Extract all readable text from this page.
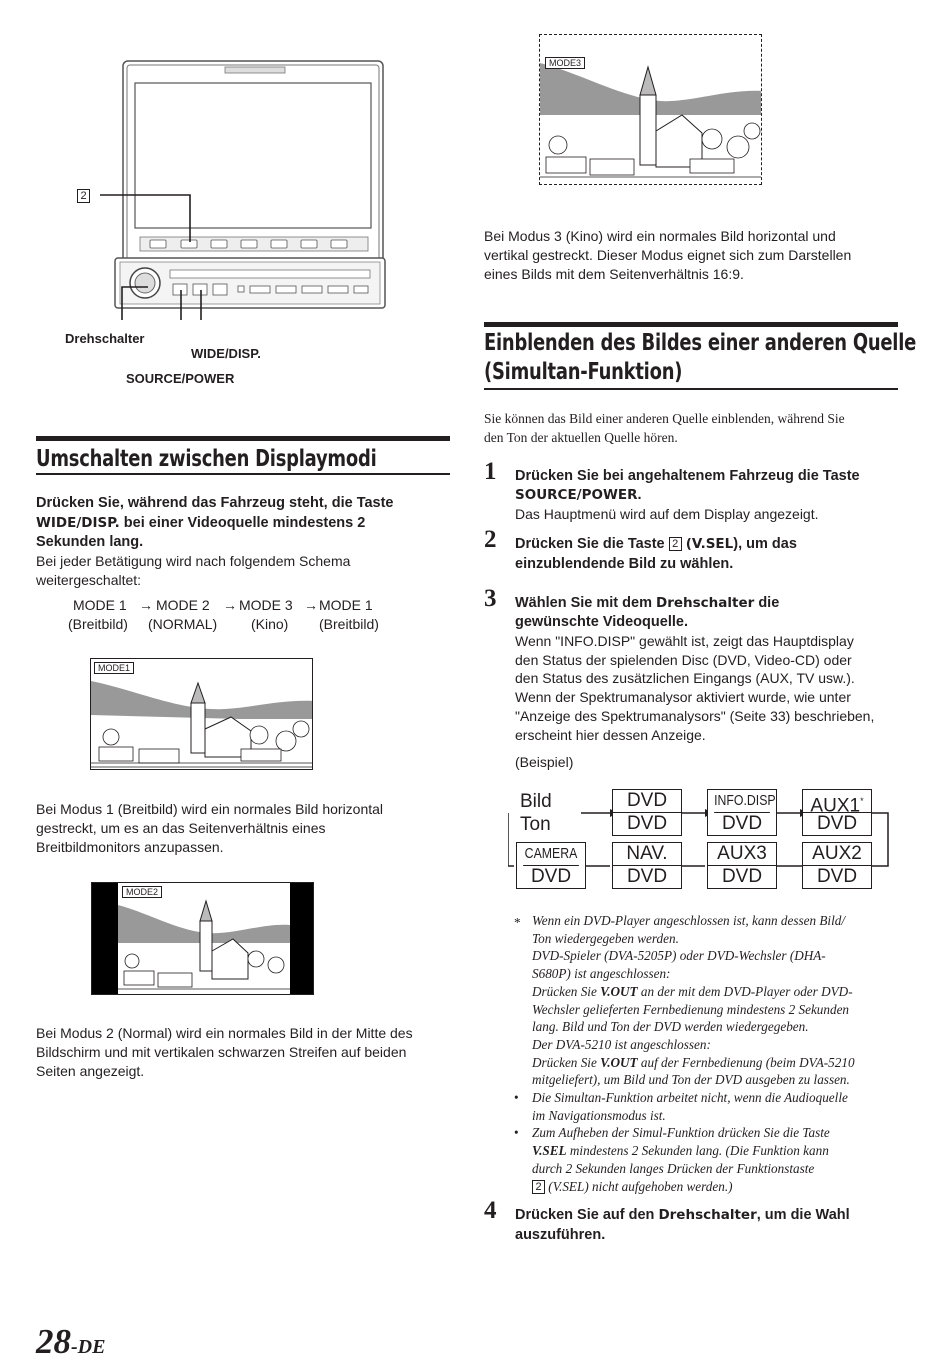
2
Drehschalter
WIDE/DISP.
SOURCE/POWER
Umschalten zwischen Displaymodi
Drücken Sie, während das Fahrzeug steht, die Taste
WIDE/DISP. bei einer Videoquelle mindestens 2
Sekunden lang.
Bei jeder Betätigung wird nach folgendem Schema
weitergeschaltet:
MODE 1 → MODE 2 → MODE 3 → MODE 1
(Breitbild) (NORMAL) (Kino) (Breitbild)
MODE1
Bei Modus 1 (Breitbild) wird ein normales Bild horizontal
gestreckt, um es an das Seitenverhältnis eines
Breitbildmonitors anzupassen.
MODE2
Bei Modus 2 (Normal) wird ein normales Bild in der Mitte des
Bildschirm und mit vertikalen schwarzen Streifen auf beiden
Seiten angezeigt.
MODE3
Bei Modus 3 (Kino) wird ein normales Bild horizontal und
vertikal gestreckt. Dieser Modus eignet sich zum Darstellen
eines Bilds mit dem Seitenverhältnis 16:9.
Einblenden des Bildes einer anderen Quelle
(Simultan-Funktion)
Sie können das Bild einer anderen Quelle einblenden, während Sie
den Ton der aktuellen Quelle hören.
1 Drücken Sie bei angehaltenem Fahrzeug die Taste
SOURCE/POWER.
Das Hauptmenü wird auf dem Display angezeigt.
2 Drücken Sie die Taste 2 (V.SEL), um das
einzublendende Bild zu wählen.
3 Wählen Sie mit dem Drehschalter die
gewünschte Videoquelle.
Wenn "INFO.DISP" gewählt ist, zeigt das Hauptdisplay
den Status der spielenden Disc (DVD, Video-CD) oder
den Status des zusätzlichen Eingangs (AUX, TV usw.).
Wenn der Spektrumanalysor aktiviert wurde, wie unter
"Anzeige des Spektrumanalysors" (Seite 33) beschrieben,
erscheint hier dessen Anzeige.
(Beispiel)
Bild
Ton
DVD
DVD
INFO.DISP
DVD
AUX1*
DVD
CAMERA
DVD
NAV.
DVD
AUX3
DVD
AUX2
DVD
* Wenn ein DVD-Player angeschlossen ist, kann dessen Bild/
Ton wiedergegeben werden.
DVD-Spieler (DVA-5205P) oder DVD-Wechsler (DHA-
S680P) ist angeschlossen:
Drücken Sie V.OUT an der mit dem DVD-Player oder DVD-
Wechsler gelieferten Fernbedienung mindestens 2 Sekunden
lang. Bild und Ton der DVD werden wiedergegeben.
Der DVA-5210 ist angeschlossen:
Drücken Sie V.OUT auf der Fernbedienung (beim DVA-5210
mitgeliefert), um Bild und Ton der DVD ausgeben zu lassen.
• Die Simultan-Funktion arbeitet nicht, wenn die Audioquelle
im Navigationsmodus ist.
• Zum Aufheben der Simul-Funktion drücken Sie die Taste
V.SEL mindestens 2 Sekunden lang. (Die Funktion kann
durch 2 Sekunden langes Drücken der Funktionstaste
2 (V.SEL) nicht aufgehoben werden.)
4 Drücken Sie auf den Drehschalter, um die Wahl
auszuführen.
28-DE
